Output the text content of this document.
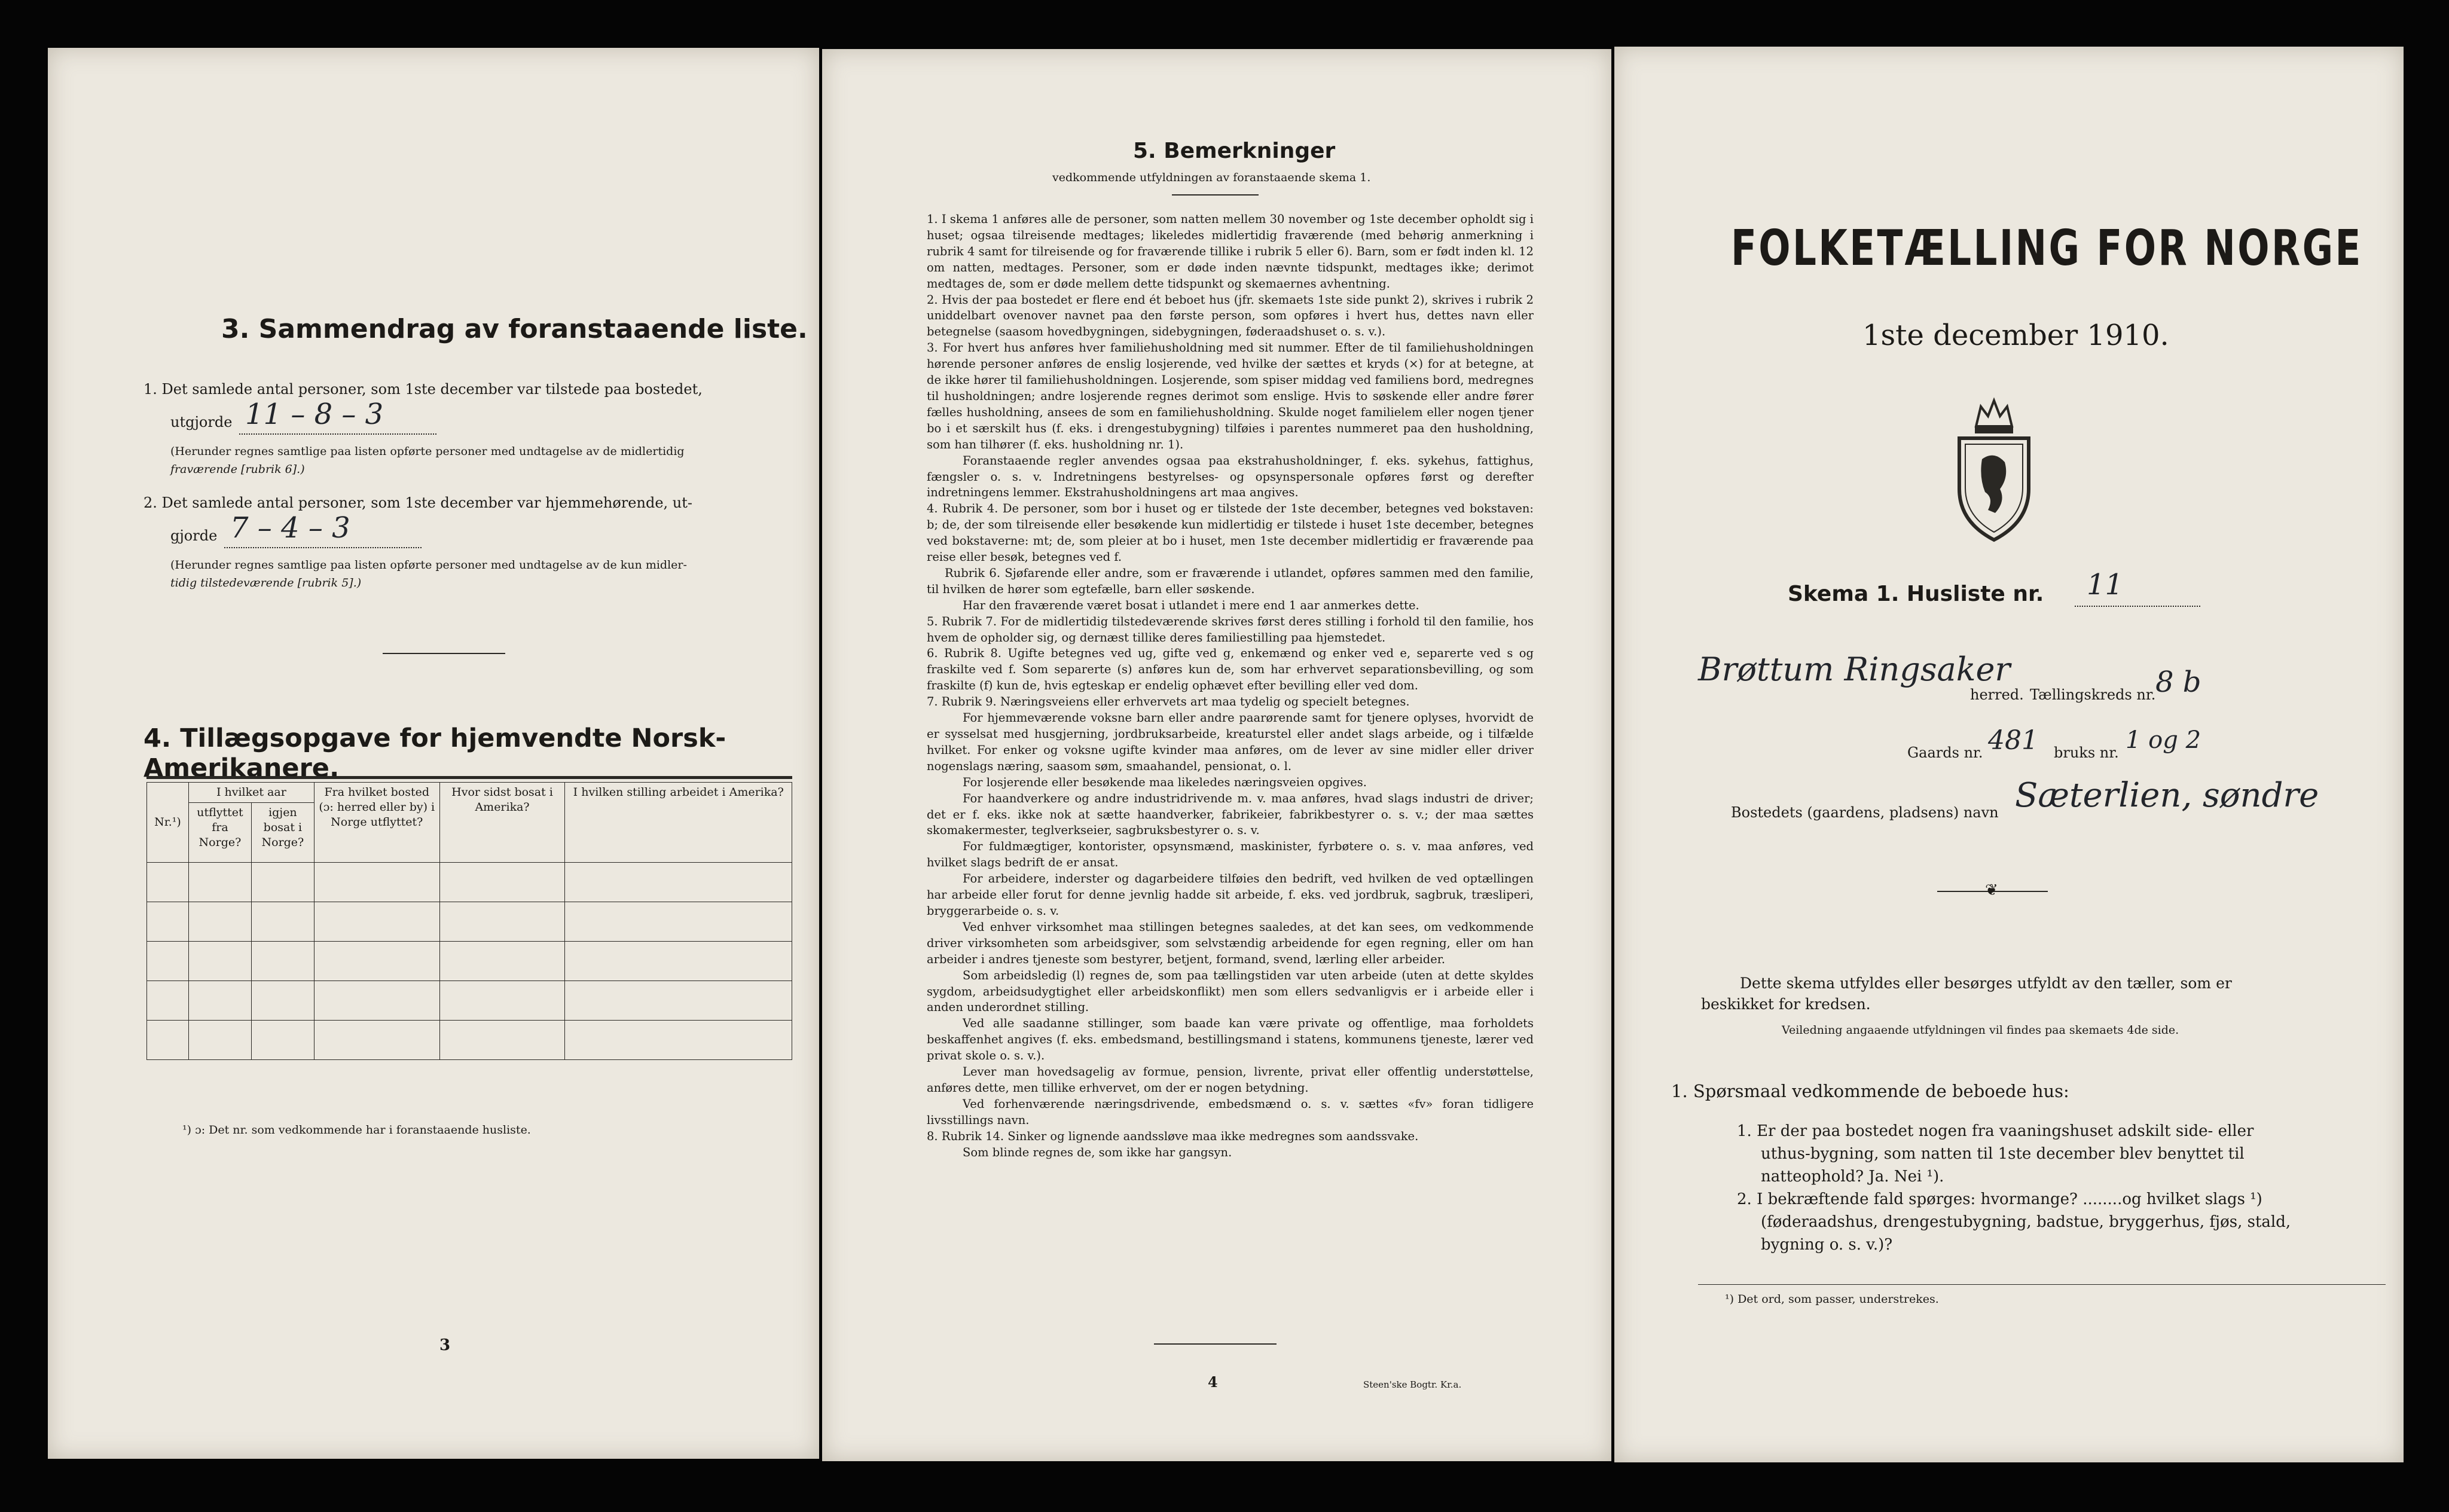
3. Sammendrag av foranstaaende liste.
1. Det samlede antal personer, som 1ste december var tilstede paa bostedet,
utgjorde 11 – 8 – 3
(Herunder regnes samtlige paa listen opførte personer med undtagelse av de midlertidig
fraværende [rubrik 6].)
2. Det samlede antal personer, som 1ste december var hjemmehørende, ut-
gjorde 7 – 4 – 3
(Herunder regnes samtlige paa listen opførte personer med undtagelse av de kun midler-
tidig tilstedeværende [rubrik 5].)
4. Tillægsopgave for hjemvendte Norsk-Amerikanere.
Nr.¹)	I hvilket aar		Fra hvilket bosted (ɔ: herred eller by) i Norge utflyttet?	Hvor sidst bosat i Amerika?	I hvilken stilling arbeidet i Amerika?
	utflyttet fra Norge?	igjen bosat i Norge?			

¹) ɔ: Det nr. som vedkommende har i foranstaaende husliste.
3
5. Bemerkninger
vedkommende utfyldningen av foranstaaende skema 1.

1. I skema 1 anføres alle de personer, som natten mellem 30 november og 1ste december opholdt sig i huset; ogsaa tilreisende medtages; likeledes midlertidig fraværende (med behørig anmerkning i rubrik 4 samt for tilreisende og for fraværende tillike i rubrik 5 eller 6). Barn, som er født inden kl. 12 om natten, medtages. Personer, som er døde inden nævnte tidspunkt, medtages ikke; derimot medtages de, som er døde mellem dette tidspunkt og skemaernes avhentning.

2. Hvis der paa bostedet er flere end ét beboet hus (jfr. skemaets 1ste side punkt 2), skrives i rubrik 2 uniddelbart ovenover navnet paa den første person, som opføres i hvert hus, dettes navn eller betegnelse (saasom hovedbygningen, sidebygningen, føderaadshuset o. s. v.).

3. For hvert hus anføres hver familiehusholdning med sit nummer. Efter de til familiehusholdningen hørende personer anføres de enslig losjerende, ved hvilke der sættes et kryds (×) for at betegne, at de ikke hører til familiehusholdningen. Losjerende, som spiser middag ved familiens bord, medregnes til husholdningen; andre losjerende regnes derimot som enslige. Hvis to søskende eller andre fører fælles husholdning, ansees de som en familiehusholdning. Skulde noget familielem eller nogen tjener bo i et særskilt hus (f. eks. i drengestubygning) tilføies i parentes nummeret paa den husholdning, som han tilhører (f. eks. husholdning nr. 1).

Foranstaaende regler anvendes ogsaa paa ekstrahusholdninger, f. eks. sykehus, fattighus, fængsler o. s. v. Indretningens bestyrelses- og opsynspersonale opføres først og derefter indretningens lemmer. Ekstrahusholdningens art maa angives.

4. Rubrik 4. De personer, som bor i huset og er tilstede der 1ste december, betegnes ved bokstaven: b; de, der som tilreisende eller besøkende kun midlertidig er tilstede i huset 1ste december, betegnes ved bokstaverne: mt; de, som pleier at bo i huset, men 1ste december midlertidig er fraværende paa reise eller besøk, betegnes ved f.

Rubrik 6. Sjøfarende eller andre, som er fraværende i utlandet, opføres sammen med den familie, til hvilken de hører som egtefælle, barn eller søskende.

Har den fraværende været bosat i utlandet i mere end 1 aar anmerkes dette.

5. Rubrik 7. For de midlertidig tilstedeværende skrives først deres stilling i forhold til den familie, hos hvem de opholder sig, og dernæst tillike deres familiestilling paa hjemstedet.

6. Rubrik 8. Ugifte betegnes ved ug, gifte ved g, enkemænd og enker ved e, separerte ved s og fraskilte ved f. Som separerte (s) anføres kun de, som har erhvervet separationsbevilling, og som fraskilte (f) kun de, hvis egteskap er endelig ophævet efter bevilling eller ved dom.

7. Rubrik 9. Næringsveiens eller erhvervets art maa tydelig og specielt betegnes.

For hjemmeværende voksne barn eller andre paarørende samt for tjenere oplyses, hvorvidt de er sysselsat med husgjerning, jordbruksarbeide, kreaturstel eller andet slags arbeide, og i tilfælde hvilket. For enker og voksne ugifte kvinder maa anføres, om de lever av sine midler eller driver nogenslags næring, saasom søm, smaahandel, pensionat, o. l.

For losjerende eller besøkende maa likeledes næringsveien opgives.

For haandverkere og andre industridrivende m. v. maa anføres, hvad slags industri de driver; det er f. eks. ikke nok at sætte haandverker, fabrikeier, fabrikbestyrer o. s. v.; der maa sættes skomakermester, teglverkseier, sagbruksbestyrer o. s. v.

For fuldmægtiger, kontorister, opsynsmænd, maskinister, fyrbøtere o. s. v. maa anføres, ved hvilket slags bedrift de er ansat.

For arbeidere, inderster og dagarbeidere tilføies den bedrift, ved hvilken de ved optællingen har arbeide eller forut for denne jevnlig hadde sit arbeide, f. eks. ved jordbruk, sagbruk, træsliperi, bryggerarbeide o. s. v.

Ved enhver virksomhet maa stillingen betegnes saaledes, at det kan sees, om vedkommende driver virksomheten som arbeidsgiver, som selvstændig arbeidende for egen regning, eller om han arbeider i andres tjeneste som bestyrer, betjent, formand, svend, lærling eller arbeider.

Som arbeidsledig (l) regnes de, som paa tællingstiden var uten arbeide (uten at dette skyldes sygdom, arbeidsudygtighet eller arbeidskonflikt) men som ellers sedvanligvis er i arbeide eller i anden underordnet stilling.

Ved alle saadanne stillinger, som baade kan være private og offentlige, maa forholdets beskaffenhet angives (f. eks. embedsmand, bestillingsmand i statens, kommunens tjeneste, lærer ved privat skole o. s. v.).

Lever man hovedsagelig av formue, pension, livrente, privat eller offentlig understøttelse, anføres dette, men tillike erhvervet, om der er nogen betydning.

Ved forhenværende næringsdrivende, embedsmænd o. s. v. sættes «fv» foran tidligere livsstillings navn.

8. Rubrik 14. Sinker og lignende aandssløve maa ikke medregnes som aandssvake.

Som blinde regnes de, som ikke har gangsyn.

4	Steen'ske Bogtr. Kr.a.
FOLKETÆLLING FOR NORGE
1ste december 1910.
Skema 1. Husliste nr. 11
Brøttum Ringsaker
herred. Tællingskreds nr. 8 b
Gaards nr. 481 bruks nr. 1 og 2
Bostedets (gaardens, pladsens) navn Sæterlien, søndre
❦
Dette skema utfyldes eller besørges utfyldt av den tæller, som er
beskikket for kredsen.
Veiledning angaaende utfyldningen vil findes paa skemaets 4de side.
1. Spørsmaal vedkommende de beboede hus:
1. Er der paa bostedet nogen fra vaaningshuset adskilt side- eller
uthus-bygning, som natten til 1ste december blev benyttet til
natteophold? Ja. Nei ¹).
2. I bekræftende fald spørges: hvormange? ........og hvilket slags ¹)
(føderaadshus, drengestubygning, badstue, bryggerhus, fjøs, stald,
bygning o. s. v.)?
¹) Det ord, som passer, understrekes.
